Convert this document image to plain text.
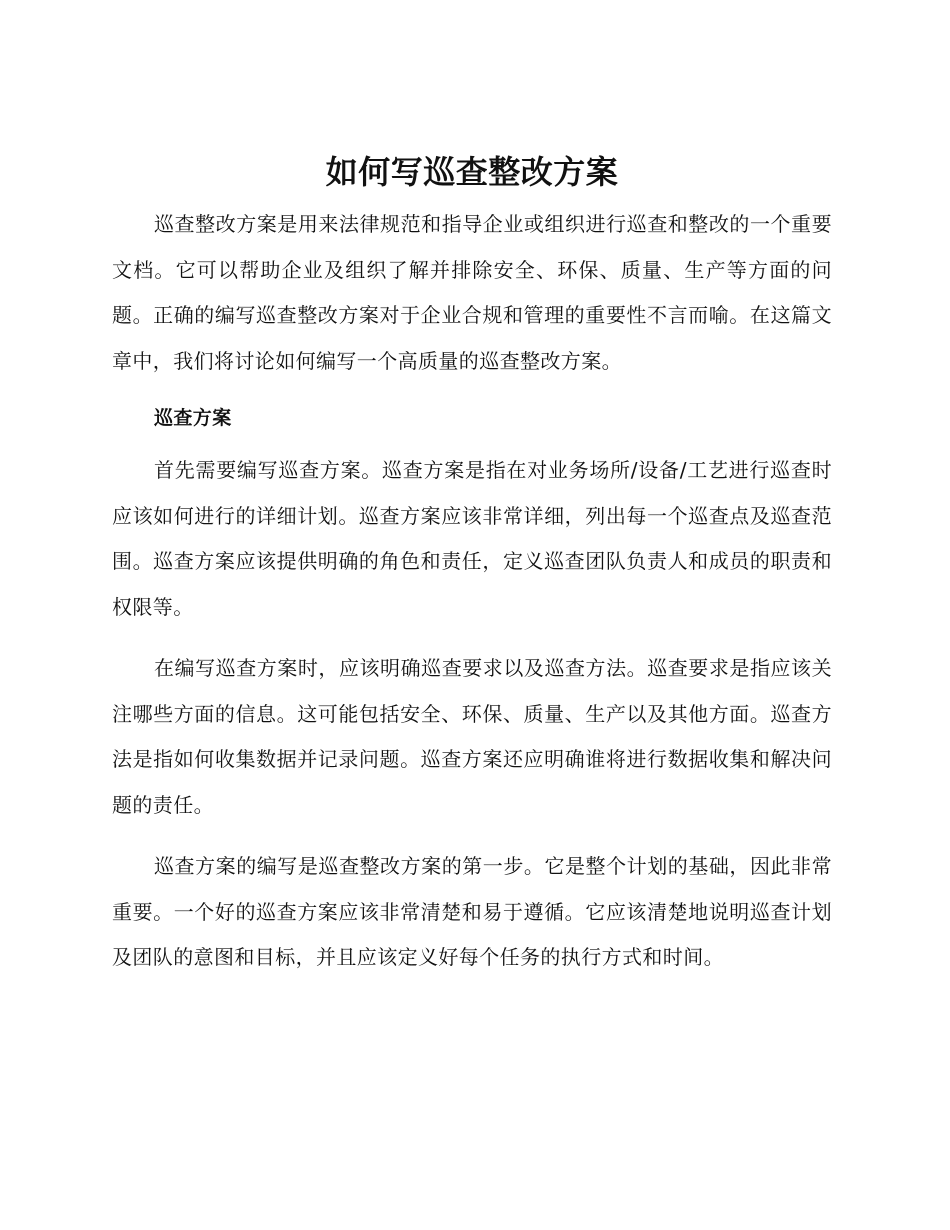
如何写巡查整改方案

巡查整改方案是用来法律规范和指导企业或组织进行巡查和整改的一个重要文档。它可以帮助企业及组织了解并排除安全、环保、质量、生产等方面的问题。正确的编写巡查整改方案对于企业合规和管理的重要性不言而喻。在这篇文章中，我们将讨论如何编写一个高质量的巡查整改方案。

巡查方案

首先需要编写巡查方案。巡查方案是指在对业务场所/设备/工艺进行巡查时应该如何进行的详细计划。巡查方案应该非常详细，列出每一个巡查点及巡查范围。巡查方案应该提供明确的角色和责任，定义巡查团队负责人和成员的职责和权限等。

在编写巡查方案时，应该明确巡查要求以及巡查方法。巡查要求是指应该关注哪些方面的信息。这可能包括安全、环保、质量、生产以及其他方面。巡查方法是指如何收集数据并记录问题。巡查方案还应明确谁将进行数据收集和解决问题的责任。

巡查方案的编写是巡查整改方案的第一步。它是整个计划的基础，因此非常重要。一个好的巡查方案应该非常清楚和易于遵循。它应该清楚地说明巡查计划及团队的意图和目标，并且应该定义好每个任务的执行方式和时间。
